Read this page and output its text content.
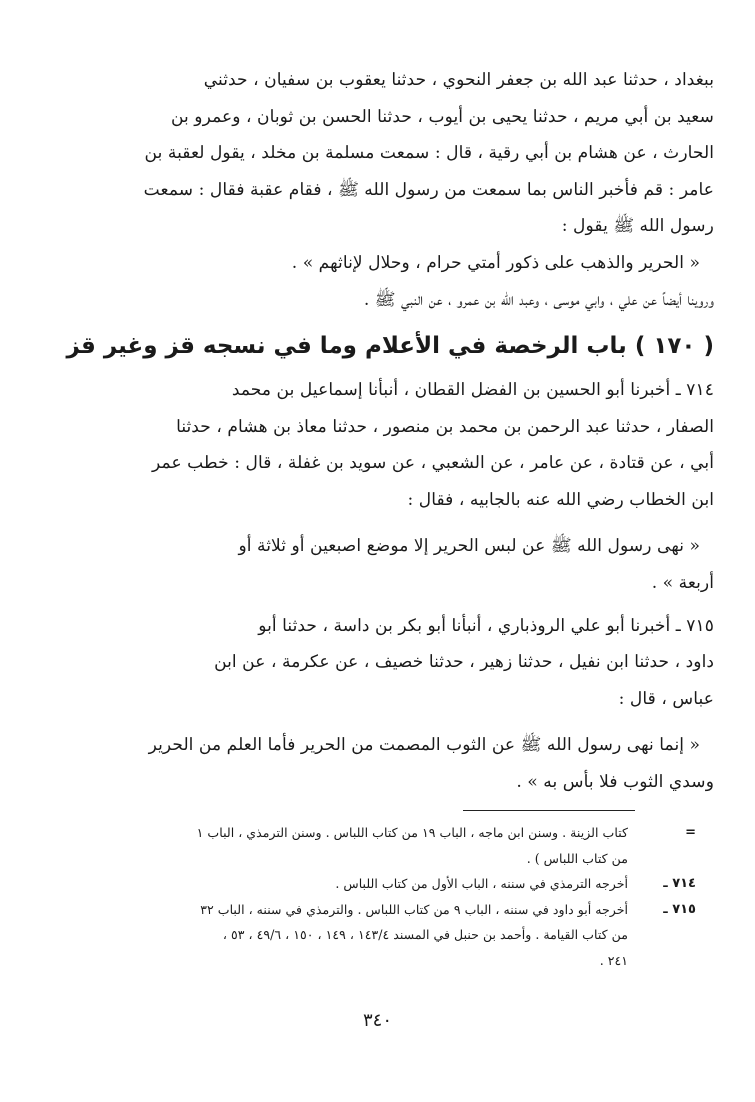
ببغداد ، حدثنا عبد الله بن جعفر النحوي ، حدثنا يعقوب بن سفيان ، حدثني
سعيد بن أبي مريم ، حدثنا يحيى بن أيوب ، حدثنا الحسن بن ثوبان ، وعمرو بن
الحارث ، عن هشام بن أبي رقية ، قال : سمعت مسلمة بن مخلد ، يقول لعقبة بن
عامر : قم فأخبر الناس بما سمعت من رسول الله ﷺ ، فقام عقبة فقال : سمعت
رسول الله ﷺ يقول :
« الحرير والذهب على ذكور أمتي حرام ، وحلال لإناثهم » .
وروينا أيضاً عن علي ، وابي موسى ، وعبد الله بن عمرو ، عن النبي ﷺ .
( ١٧٠ ) باب الرخصة في الأعلام وما في نسجه قز وغير قز
٧١٤ ـ أخبرنا أبو الحسين بن الفضل القطان ، أنبأنا إسماعيل بن محمد
الصفار ، حدثنا عبد الرحمن بن محمد بن منصور ، حدثنا معاذ بن هشام ، حدثنا
أبي ، عن قتادة ، عن عامر ، عن الشعبي ، عن سويد بن غفلة ، قال : خطب عمر
ابن الخطاب رضي الله عنه بالجابيه ، فقال :
« نهى رسول الله ﷺ عن لبس الحرير إلا موضع اصبعين أو ثلاثة أو
أربعة » .
٧١٥ ـ أخبرنا أبو علي الروذباري ، أنبأنا أبو بكر بن داسة ، حدثنا أبو
داود ، حدثنا ابن نفيل ، حدثنا زهير ، حدثنا خصيف ، عن عكرمة ، عن ابن
عباس ، قال :
« إنما نهى رسول الله ﷺ عن الثوب المصمت من الحرير فأما العلم من الحرير
وسدي الثوب فلا بأس به » .
=
كتاب الزينة . وسنن ابن ماجه ، الباب ١٩ من كتاب اللباس . وسنن الترمذي ، الباب ١
من كتاب اللباس ) .
٧١٤ ـ
أخرجه الترمذي في سننه ، الباب الأول من كتاب اللباس .
٧١٥ ـ
أخرجه أبو داود في سننه ، الباب ٩ من كتاب اللباس . والترمذي في سننه ، الباب ٣٢
من كتاب القيامة . وأحمد بن حنبل في المسند ١٤٣/٤ ، ١٤٩ ، ١٥٠ ، ٤٩/٦ ، ٥٣ ،
٢٤١ .
٣٤٠
